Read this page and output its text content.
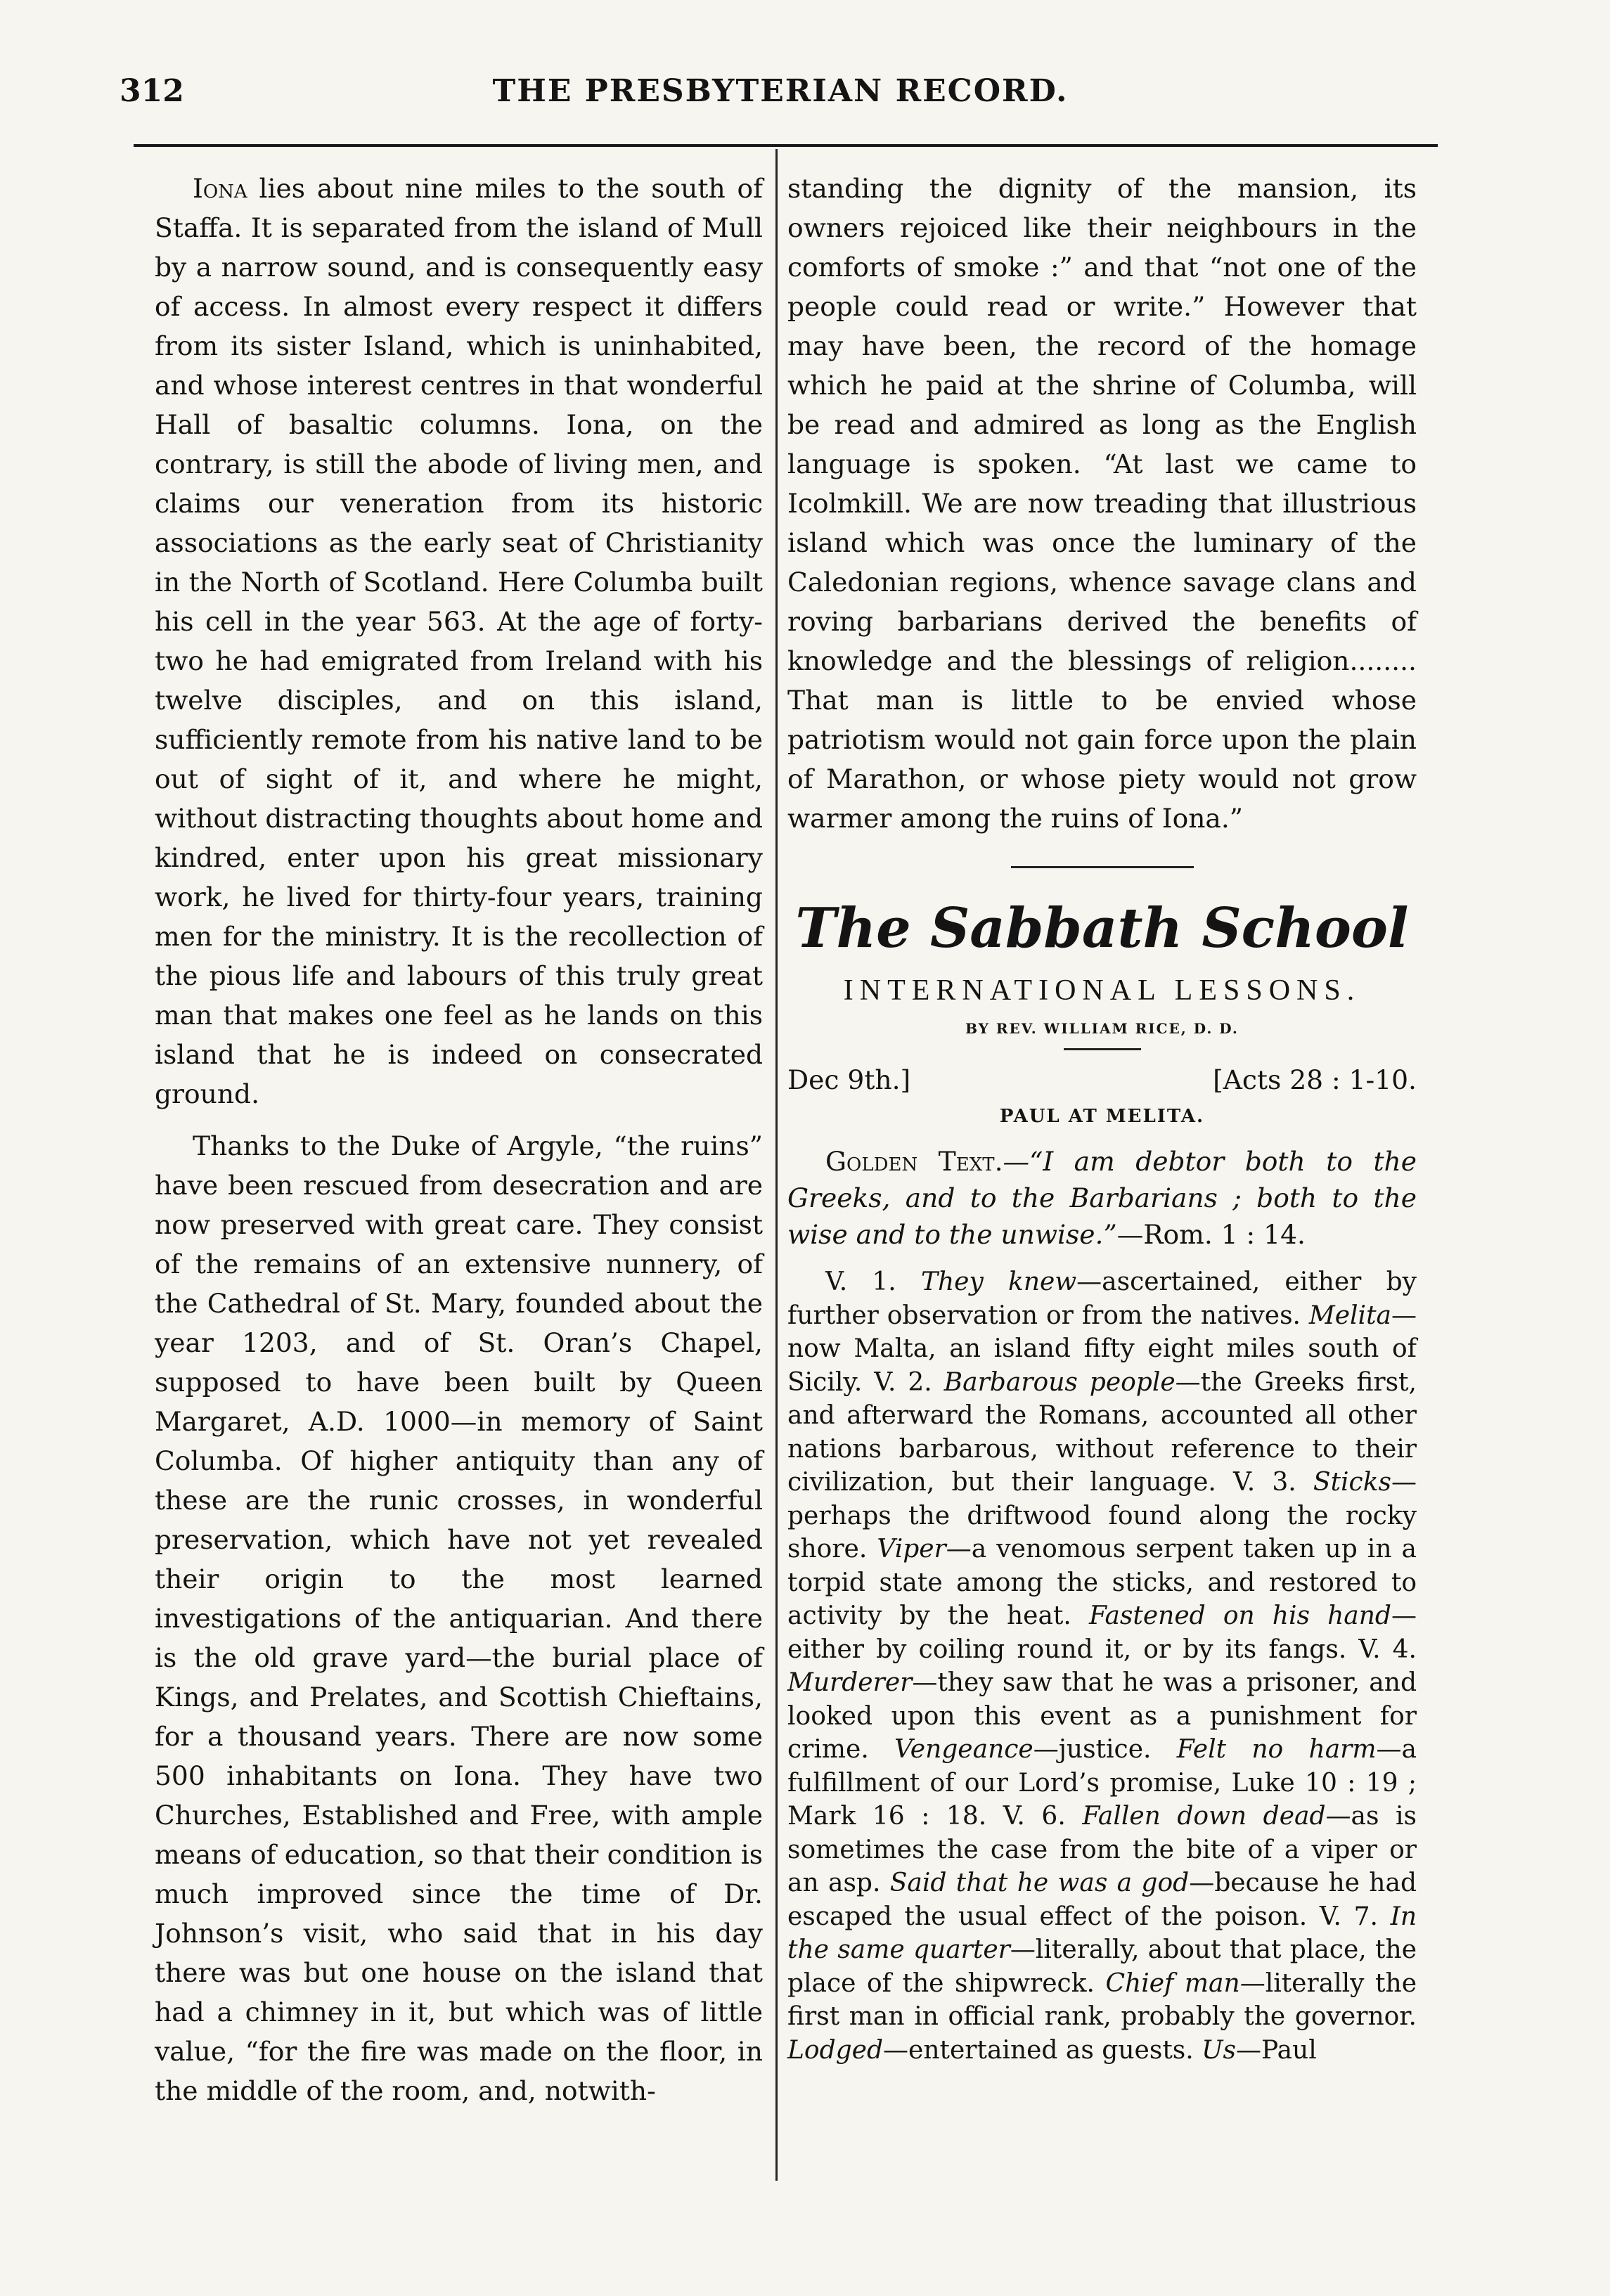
312	THE PRESBYTERIAN RECORD.

Iona lies about nine miles to the south of Staffa. It is separated from the island of Mull by a narrow sound, and is consequently easy of access. In almost every respect it differs from its sister Island, which is uninhabited, and whose interest centres in that wonderful Hall of basaltic columns. Iona, on the contrary, is still the abode of living men, and claims our veneration from its historic associations as the early seat of Christianity in the North of Scotland. Here Columba built his cell in the year 563. At the age of forty-two he had emigrated from Ireland with his twelve disciples, and on this island, sufficiently remote from his native land to be out of sight of it, and where he might, without distracting thoughts about home and kindred, enter upon his great missionary work, he lived for thirty-four years, training men for the ministry. It is the recollection of the pious life and labours of this truly great man that makes one feel as he lands on this island that he is indeed on consecrated ground.

Thanks to the Duke of Argyle, “the ruins” have been rescued from desecration and are now preserved with great care. They consist of the remains of an extensive nunnery, of the Cathedral of St. Mary, founded about the year 1203, and of St. Oran’s Chapel, supposed to have been built by Queen Margaret, A.D. 1000—in memory of Saint Columba. Of higher antiquity than any of these are the runic crosses, in wonderful preservation, which have not yet revealed their origin to the most learned investigations of the antiquarian. And there is the old grave yard—the burial place of Kings, and Prelates, and Scottish Chieftains, for a thousand years. There are now some 500 inhabitants on Iona. They have two Churches, Established and Free, with ample means of education, so that their condition is much improved since the time of Dr. Johnson’s visit, who said that in his day there was but one house on the island that had a chimney in it, but which was of little value, “for the fire was made on the floor, in the middle of the room, and, notwith-

standing the dignity of the mansion, its owners rejoiced like their neighbours in the comforts of smoke :” and that “not one of the people could read or write.” However that may have been, the record of the homage which he paid at the shrine of Columba, will be read and admired as long as the English language is spoken. “At last we came to Icolmkill. We are now treading that illustrious island which was once the luminary of the Caledonian regions, whence savage clans and roving barbarians derived the benefits of knowledge and the blessings of religion........ That man is little to be envied whose patriotism would not gain force upon the plain of Marathon, or whose piety would not grow warmer among the ruins of Iona.”

The Sabbath School
INTERNATIONAL LESSONS.
BY REV. WILLIAM RICE, D. D.
Dec 9th.]	[Acts 28 : 1-10.
PAUL AT MELITA.

Golden Text.—“I am debtor both to the Greeks, and to the Barbarians ; both to the wise and to the unwise.”—Rom. 1 : 14.

V. 1. They knew—ascertained, either by further observation or from the natives. Melita—now Malta, an island fifty eight miles south of Sicily. V. 2. Barbarous people—the Greeks first, and afterward the Romans, accounted all other nations barbarous, without reference to their civilization, but their language. V. 3. Sticks—perhaps the driftwood found along the rocky shore. Viper—a venomous serpent taken up in a torpid state among the sticks, and restored to activity by the heat. Fastened on his hand—either by coiling round it, or by its fangs. V. 4. Murderer—they saw that he was a prisoner, and looked upon this event as a punishment for crime. Vengeance—justice. Felt no harm—a fulfillment of our Lord’s promise, Luke 10 : 19 ; Mark 16 : 18. V. 6. Fallen down dead—as is sometimes the case from the bite of a viper or an asp. Said that he was a god—because he had escaped the usual effect of the poison. V. 7. In the same quarter—literally, about that place, the place of the shipwreck. Chief man—literally the first man in official rank, probably the governor. Lodged—entertained as guests. Us—Paul
